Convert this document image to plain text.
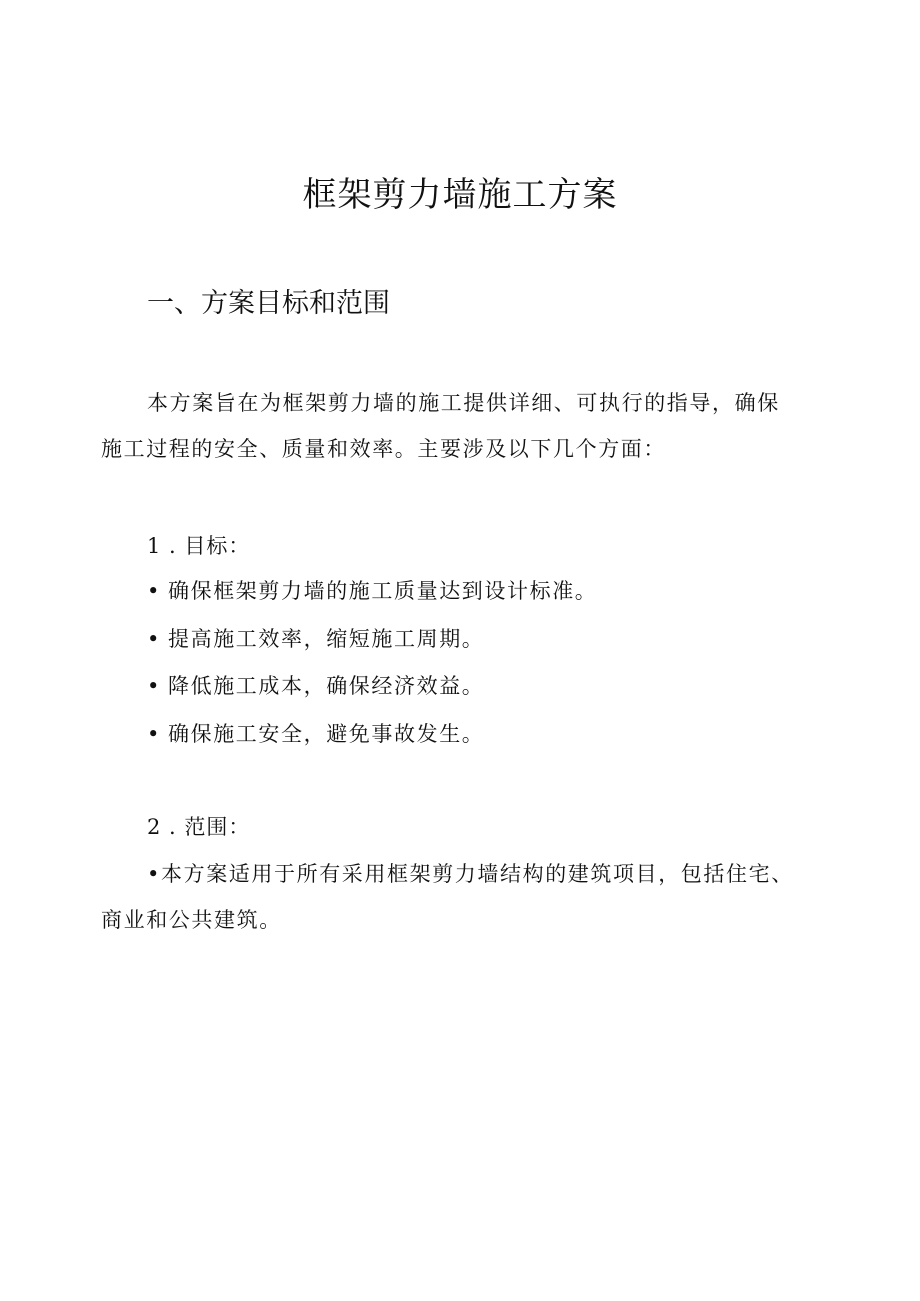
框架剪力墙施工方案
一、方案目标和范围

本方案旨在为框架剪力墙的施工提供详细、可执行的指导，确保施工过程的安全、质量和效率。主要涉及以下几个方面：

1 . 目标：
• 确保框架剪力墙的施工质量达到设计标准。
• 提高施工效率，缩短施工周期。
• 降低施工成本，确保经济效益。
• 确保施工安全，避免事故发生。
2 . 范围：

•本方案适用于所有采用框架剪力墙结构的建筑项目，包括住宅、商业和公共建筑。
